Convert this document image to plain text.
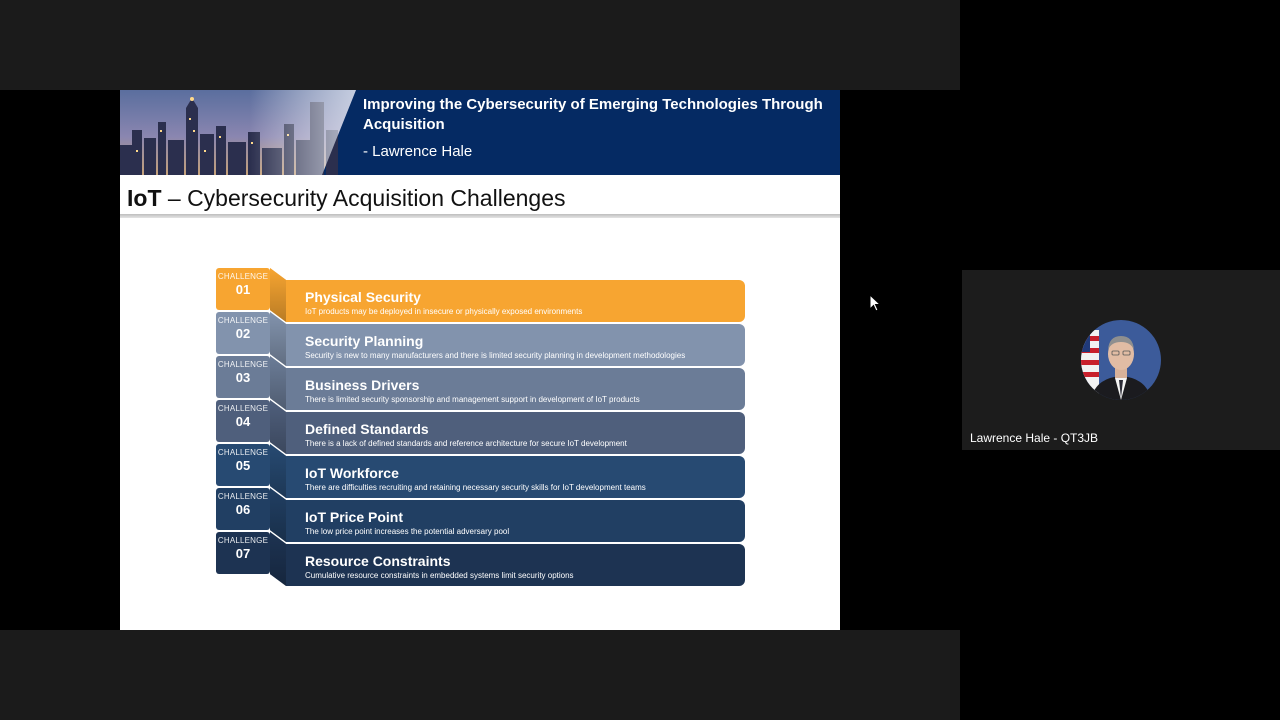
Improving the Cybersecurity of Emerging Technologies Through Acquisition
- Lawrence Hale
IoT – Cybersecurity Acquisition Challenges
CHALLENGE
01	Physical Security
IoT products may be deployed in insecure or physically exposed environments
CHALLENGE
02	Security Planning
Security is new to many manufacturers and there is limited security planning in development methodologies
CHALLENGE
03	Business Drivers
There is limited security sponsorship and management support in development of IoT products
CHALLENGE
04	Defined Standards
There is a lack of defined standards and reference architecture for secure IoT development
CHALLENGE
05	IoT Workforce
There are difficulties recruiting and retaining necessary security skills for IoT development teams
CHALLENGE
06	IoT Price Point
The low price point increases the potential adversary pool
CHALLENGE
07	Resource Constraints
Cumulative resource constraints in embedded systems limit security options
Lawrence Hale - QT3JB
